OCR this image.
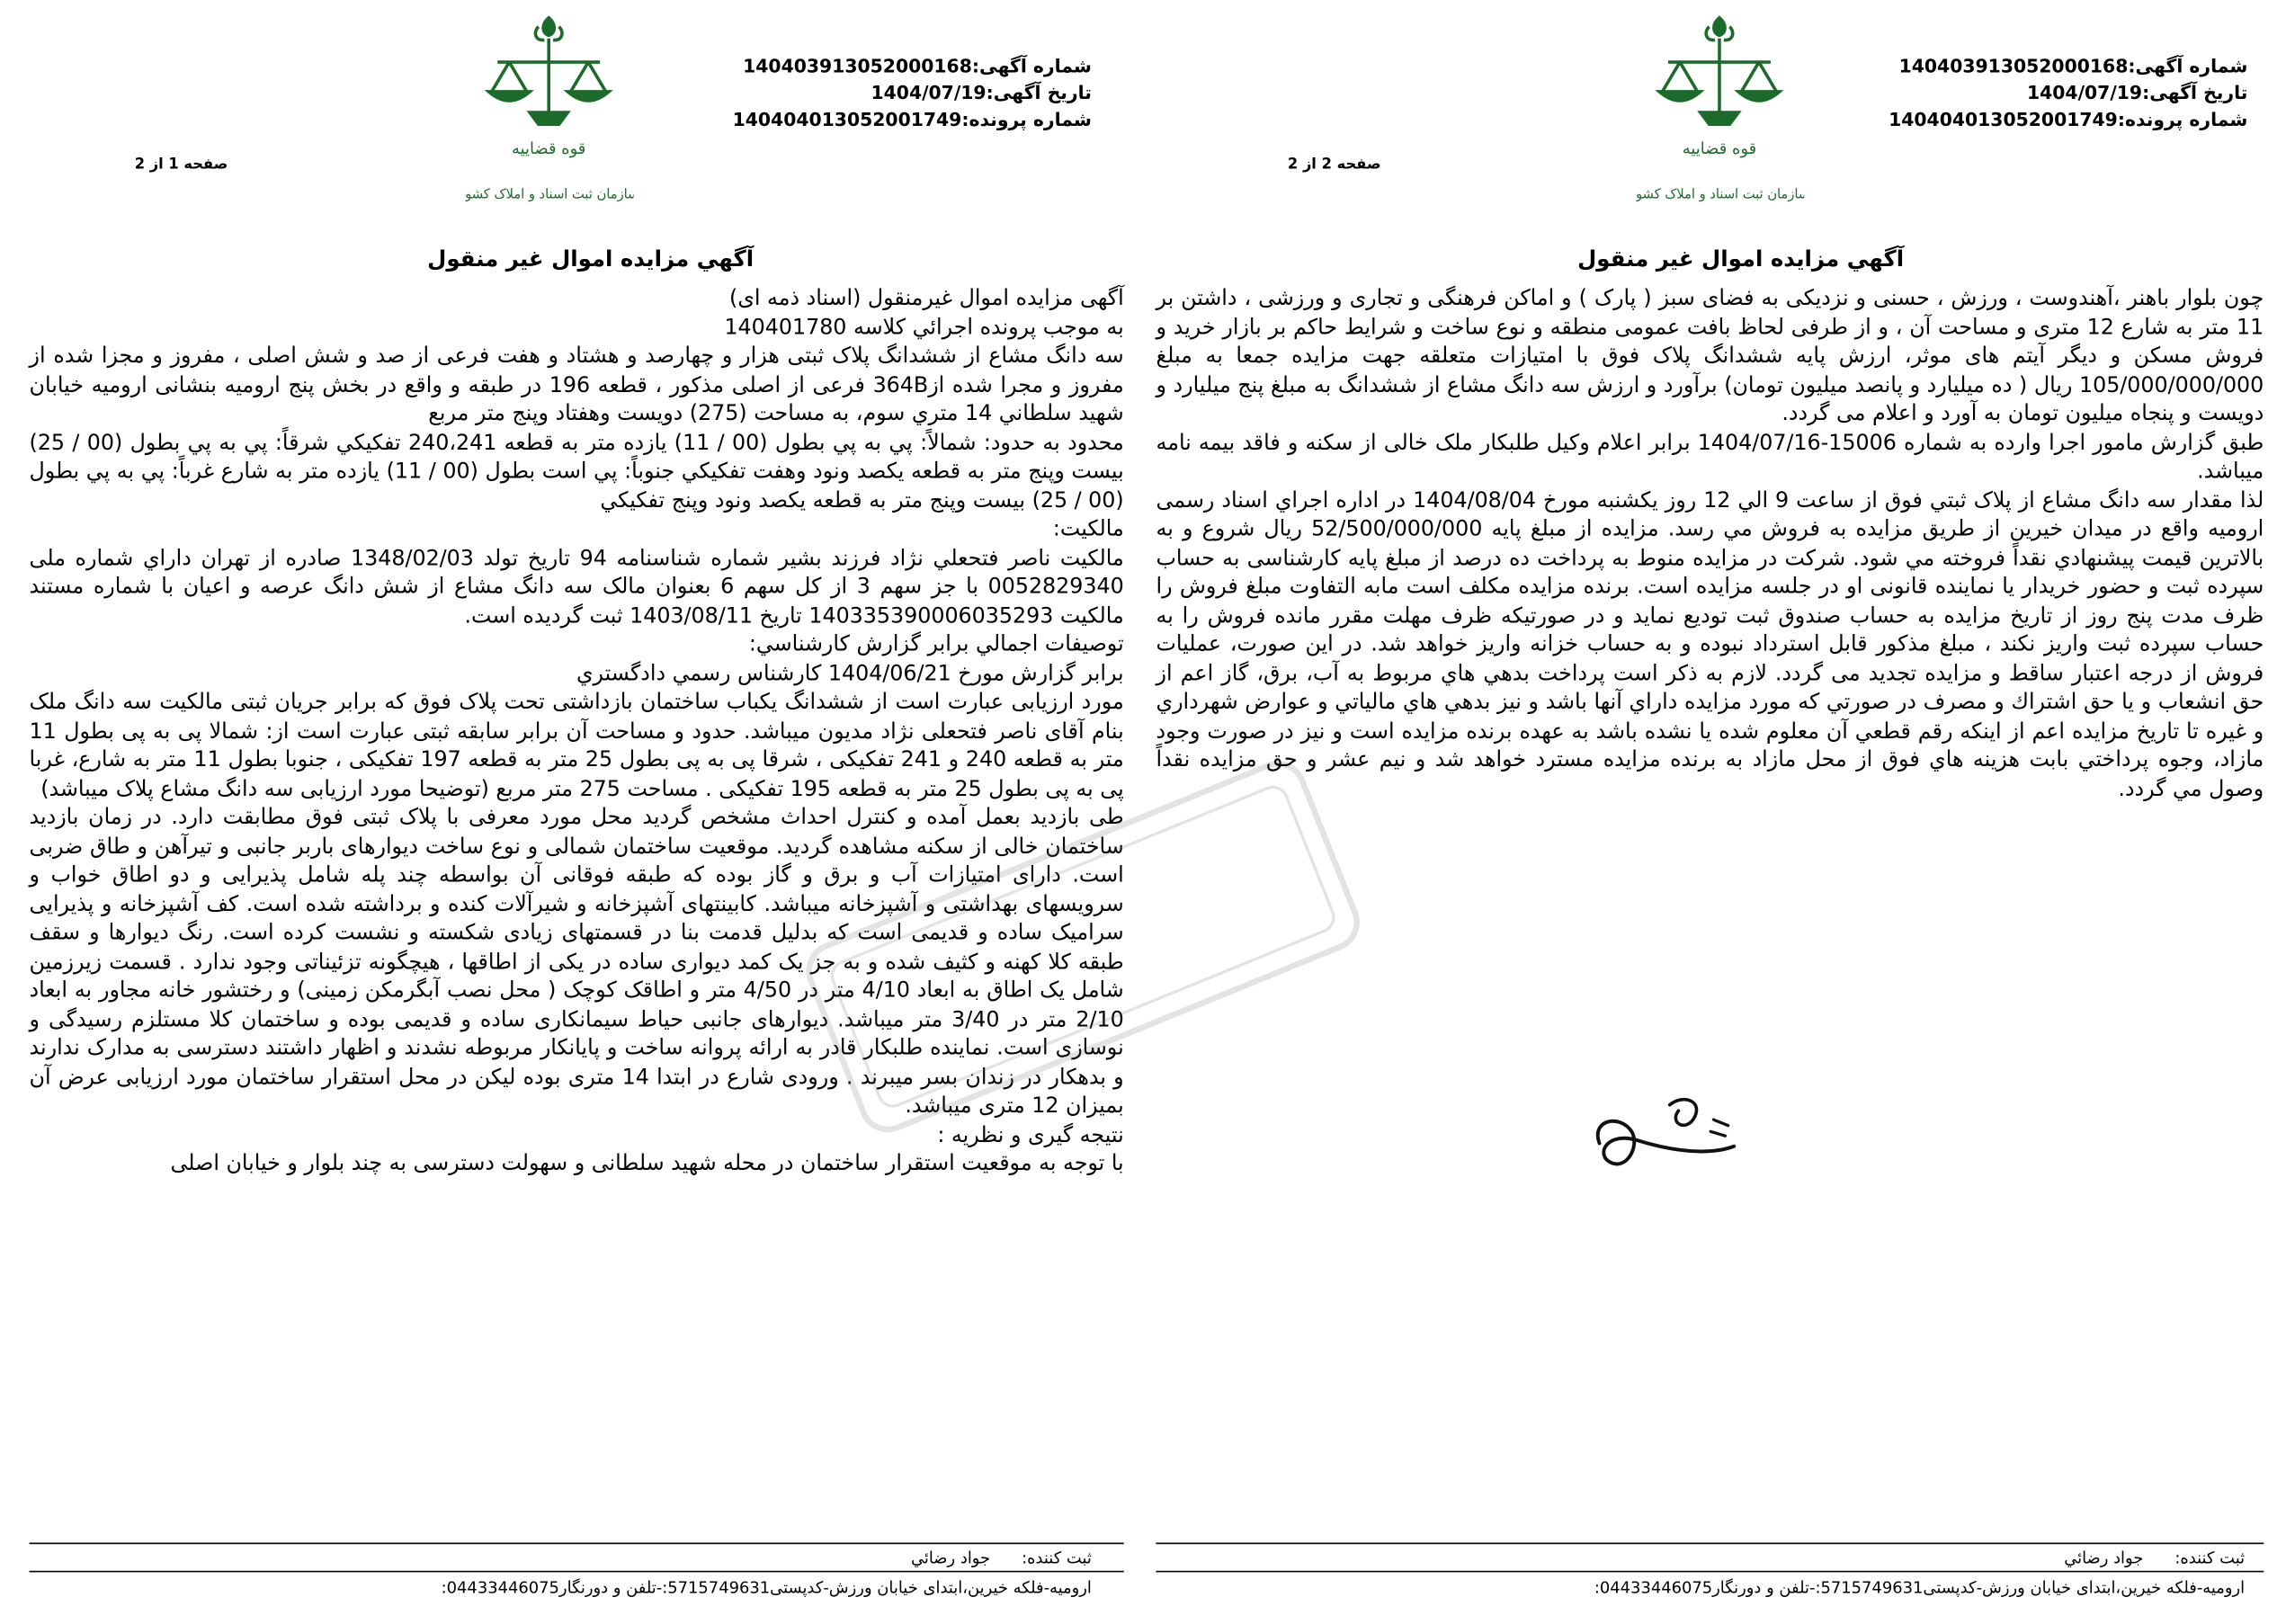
قوه قضاییه
سازمان ثبت اسناد و املاک کشور
شماره آگهی:140403913052000168
تاریخ آگهی:1404/07/19
شماره پرونده:140404013052001749
صفحه 1 از 2
آگهي مزايده اموال غير منقول

آگهی مزایده اموال غیرمنقول (اسناد ذمه ای)

به موجب پرونده اجرائي كلاسه 140401780

سه دانگ مشاع از ششدانگ پلاک ثبتی هزار و چهارصد و هشتاد و هفت فرعی از صد و شش اصلی ، مفروز و مجزا شده از مفروز و مجرا شده از364B فرعی از اصلی مذکور ، قطعه 196 در طبقه و واقع در بخش پنج ارومیه بنشانی ارومیه خیابان شهید سلطاني 14 متري سوم، به مساحت (275) دويست وهفتاد وپنج متر مربع

محدود به حدود: شمالاً: پي به پي بطول (00 / 11) يازده متر به قطعه 240،241 تفكيكي شرقاً: پي به پي بطول (00 / 25) بيست وپنج متر به قطعه يكصد ونود وهفت تفكيكي جنوباً: پي است بطول (00 / 11) يازده متر به شارع غرباً: پي به پي بطول (00 / 25) بيست وپنج متر به قطعه يكصد ونود وپنج تفكيكي

مالكيت:

مالكيت ناصر فتحعلي نژاد فرزند بشير شماره شناسنامه 94 تاريخ تولد 1348/02/03 صادره از تهران داراي شماره ملی 0052829340 با جز سهم 3 از کل سهم 6 بعنوان مالک سه دانگ مشاع از شش دانگ عرصه و اعيان با شماره مستند مالكيت 140335390006035293 تاريخ 1403/08/11 ثبت گرديده است.

توصيفات اجمالي برابر گزارش كارشناسي:

برابر گزارش مورخ 1404/06/21 كارشناس رسمي دادگستري

مورد ارزیابی عبارت است از ششدانگ یکباب ساختمان بازداشتی تحت پلاک فوق که برابر جریان ثبتی مالکیت سه دانگ ملک بنام آقای ناصر فتحعلی نژاد مدیون میباشد. حدود و مساحت آن برابر سابقه ثبتی عبارت است از: شمالا پی به پی بطول 11 متر به قطعه 240 و 241 تفکیکی ، شرقا پی به پی بطول 25 متر به قطعه 197 تفکیکی ، جنوبا بطول 11 متر به شارع، غربا پی به پی بطول 25 متر به قطعه 195 تفکیکی . مساحت 275 متر مربع (توضیحا مورد ارزیابی سه دانگ مشاع پلاک میباشد)

طی بازدید بعمل آمده و کنترل احداث مشخص گردید محل مورد معرفی با پلاک ثبتی فوق مطابقت دارد. در زمان بازدید ساختمان خالی از سکنه مشاهده گردید. موقعیت ساختمان شمالی و نوع ساخت دیوارهای باربر جانبی و تیرآهن و طاق ضربی است. دارای امتیازات آب و برق و گاز بوده که طبقه فوقانی آن بواسطه چند پله شامل پذیرایی و دو اطاق خواب و سرویسهای بهداشتی و آشپزخانه میباشد. کابینتهای آشپزخانه و شیرآلات کنده و برداشته شده است. کف آشپزخانه و پذیرایی سرامیک ساده و قدیمی است که بدلیل قدمت بنا در قسمتهای زیادی شکسته و نشست کرده است. رنگ دیوارها و سقف طبقه کلا کهنه و کثیف شده و به جز یک کمد دیواری ساده در یکی از اطاقها ، هیچگونه تزئیناتی وجود ندارد . قسمت زیرزمین شامل یک اطاق به ابعاد 4/10 متر در 4/50 متر و اطاقک کوچک ( محل نصب آبگرمکن زمینی) و رختشور خانه مجاور به ابعاد 2/10 متر در 3/40 متر میباشد. دیوارهای جانبی حیاط سیمانکاری ساده و قدیمی بوده و ساختمان کلا مستلزم رسیدگی و نوسازی است. نماینده طلبکار قادر به ارائه پروانه ساخت و پایانکار مربوطه نشدند و اظهار داشتند دسترسی به مدارک ندارند و بدهکار در زندان بسر میبرند . ورودی شارع در ابتدا 14 متری بوده لیکن در محل استقرار ساختمان مورد ارزیابی عرض آن بمیزان 12 متری میباشد.

نتیجه گیری و نظریه :

با توجه به موقعیت استقرار ساختمان در محله شهید سلطانی و سهولت دسترسی به چند بلوار و خیابان اصلی

ثبت کننده: جواد رضائي
ارومیه-فلکه خیرین،ابتدای خیابان ورزش-کدپستی5715749631:-تلفن و دورنگار04433446075:
قوه قضاییه
سازمان ثبت اسناد و املاک کشور
شماره آگهی:140403913052000168
تاریخ آگهی:1404/07/19
شماره پرونده:140404013052001749
صفحه 2 از 2
آگهي مزايده اموال غير منقول

چون بلوار باهنر ،آهندوست ، ورزش ، حسنی و نزدیکی به فضای سبز ( پارک ) و اماکن فرهنگی و تجاری و ورزشی ، داشتن بر 11 متر به شارع 12 متری و مساحت آن ، و از طرفی لحاظ بافت عمومی منطقه و نوع ساخت و شرایط حاکم بر بازار خرید و فروش مسکن و دیگر آیتم های موثر، ارزش پایه ششدانگ پلاک فوق با امتیازات متعلقه جهت مزایده جمعا به مبلغ 105/000/000/000 ریال ( ده میلیارد و پانصد میلیون تومان) برآورد و ارزش سه دانگ مشاع از ششدانگ به مبلغ پنج میلیارد و دویست و پنجاه میلیون تومان به آورد و اعلام می گردد.

طبق گزارش مامور اجرا وارده به شماره 15006-1404/07/16 برابر اعلام وکیل طلبکار ملک خالی از سکنه و فاقد بیمه نامه میباشد.

لذا مقدار سه دانگ مشاع از پلاک ثبتي فوق از ساعت 9 الي 12 روز یکشنبه مورخ 1404/08/04 در اداره اجراي اسناد رسمی ارومیه واقع در میدان خیرین از طريق مزايده به فروش مي رسد. مزايده از مبلغ پايه 52/500/000/000 ريال شروع و به بالاترين قيمت پيشنهادي نقداً فروخته مي شود. شرکت در مزایده منوط به پرداخت ده درصد از مبلغ پایه کارشناسی به حساب سپرده ثبت و حضور خریدار یا نماینده قانونی او در جلسه مزایده است. برنده مزایده مکلف است مابه التفاوت مبلغ فروش را ظرف مدت پنج روز از تاریخ مزایده به حساب صندوق ثبت تودیع نماید و در صورتیکه ظرف مهلت مقرر مانده فروش را به حساب سپرده ثبت واریز نکند ، مبلغ مذکور قابل استرداد نبوده و به حساب خزانه واریز خواهد شد. در این صورت، عملیات فروش از درجه اعتبار ساقط و مزایده تجدید می گردد. لازم به ذکر است پرداخت بدهي هاي مربوط به آب، برق، گاز اعم از حق انشعاب و يا حق اشتراك و مصرف در صورتي كه مورد مزايده داراي آنها باشد و نيز بدهي هاي مالياتي و عوارض شهرداري و غيره تا تاريخ مزايده اعم از اينكه رقم قطعي آن معلوم شده يا نشده باشد به عهده برنده مزايده است و نيز در صورت وجود مازاد، وجوه پرداختي بابت هزينه هاي فوق از محل مازاد به برنده مزايده مسترد خواهد شد و نيم عشر و حق مزايده نقداً وصول مي گردد.

ثبت کننده: جواد رضائي
ارومیه-فلکه خیرین،ابتدای خیابان ورزش-کدپستی5715749631:-تلفن و دورنگار04433446075:
